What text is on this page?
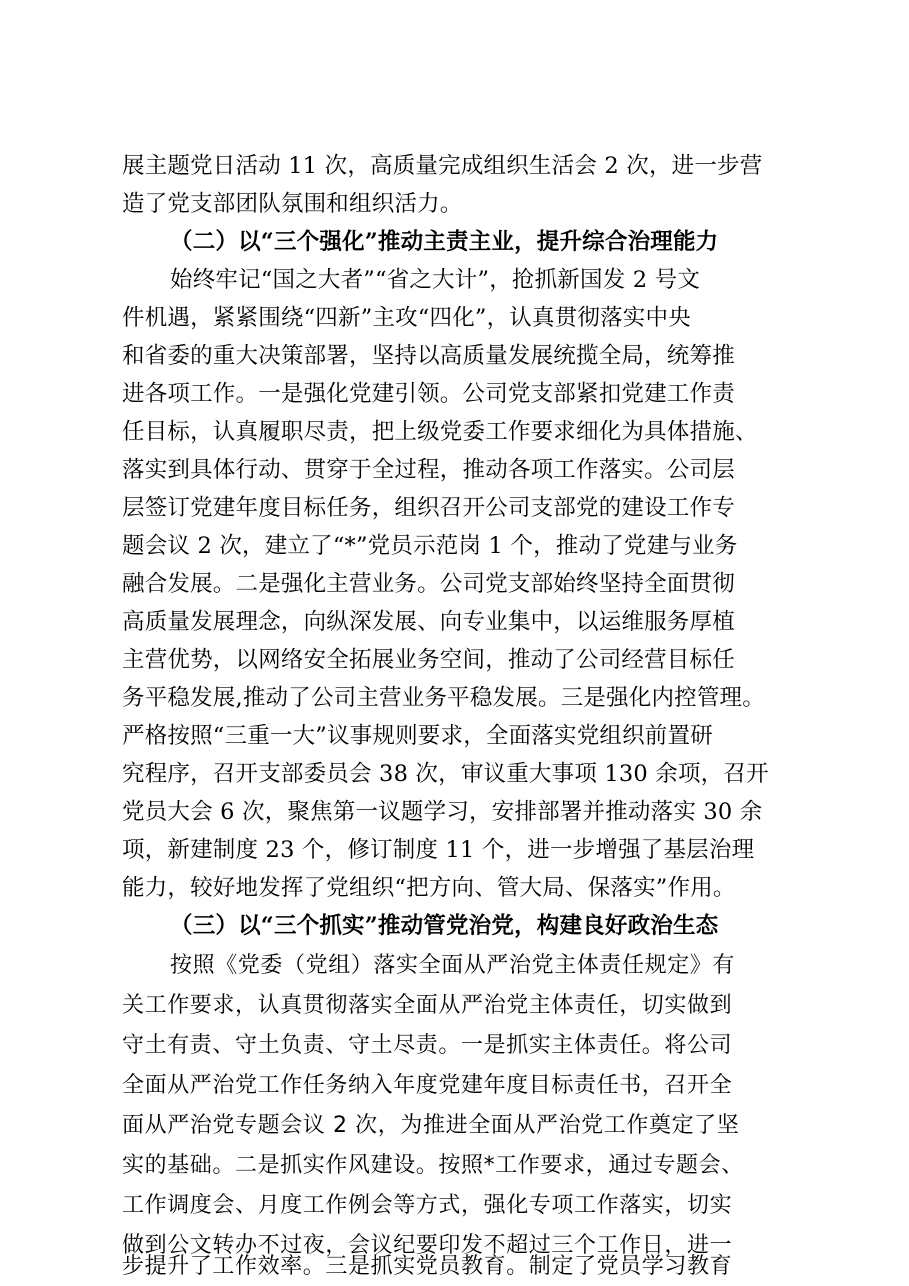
展主题党日活动 11 次，高质量完成组织生活会 2 次，进一步营
造了党支部团队氛围和组织活力。
（二）以“三个强化”推动主责主业，提升综合治理能力
始终牢记“国之大者”“省之大计”，抢抓新国发 2 号文
件机遇，紧紧围绕“四新”主攻“四化”，认真贯彻落实中央
和省委的重大决策部署，坚持以高质量发展统揽全局，统筹推
进各项工作。一是强化党建引领。公司党支部紧扣党建工作责
任目标，认真履职尽责，把上级党委工作要求细化为具体措施、
落实到具体行动、贯穿于全过程，推动各项工作落实。公司层
层签订党建年度目标任务，组织召开公司支部党的建设工作专
题会议 2 次，建立了“*”党员示范岗 1 个，推动了党建与业务
融合发展。二是强化主营业务。公司党支部始终坚持全面贯彻
高质量发展理念，向纵深发展、向专业集中，以运维服务厚植
主营优势，以网络安全拓展业务空间，推动了公司经营目标任
务平稳发展,推动了公司主营业务平稳发展。三是强化内控管理。
严格按照“三重一大”议事规则要求，全面落实党组织前置研
究程序，召开支部委员会 38 次，审议重大事项 130 余项，召开
党员大会 6 次，聚焦第一议题学习，安排部署并推动落实 30 余
项，新建制度 23 个，修订制度 11 个，进一步增强了基层治理
能力，较好地发挥了党组织“把方向、管大局、保落实”作用。
（三）以“三个抓实”推动管党治党，构建良好政治生态
按照《党委（党组）落实全面从严治党主体责任规定》有
关工作要求，认真贯彻落实全面从严治党主体责任，切实做到
守土有责、守土负责、守土尽责。一是抓实主体责任。将公司
全面从严治党工作任务纳入年度党建年度目标责任书，召开全
面从严治党专题会议 2 次，为推进全面从严治党工作奠定了坚
实的基础。二是抓实作风建设。按照*工作要求，通过专题会、
工作调度会、月度工作例会等方式，强化专项工作落实，切实
做到公文转办不过夜，会议纪要印发不超过三个工作日，进一
步提升了工作效率。三是抓实党员教育。制定了党员学习教育
